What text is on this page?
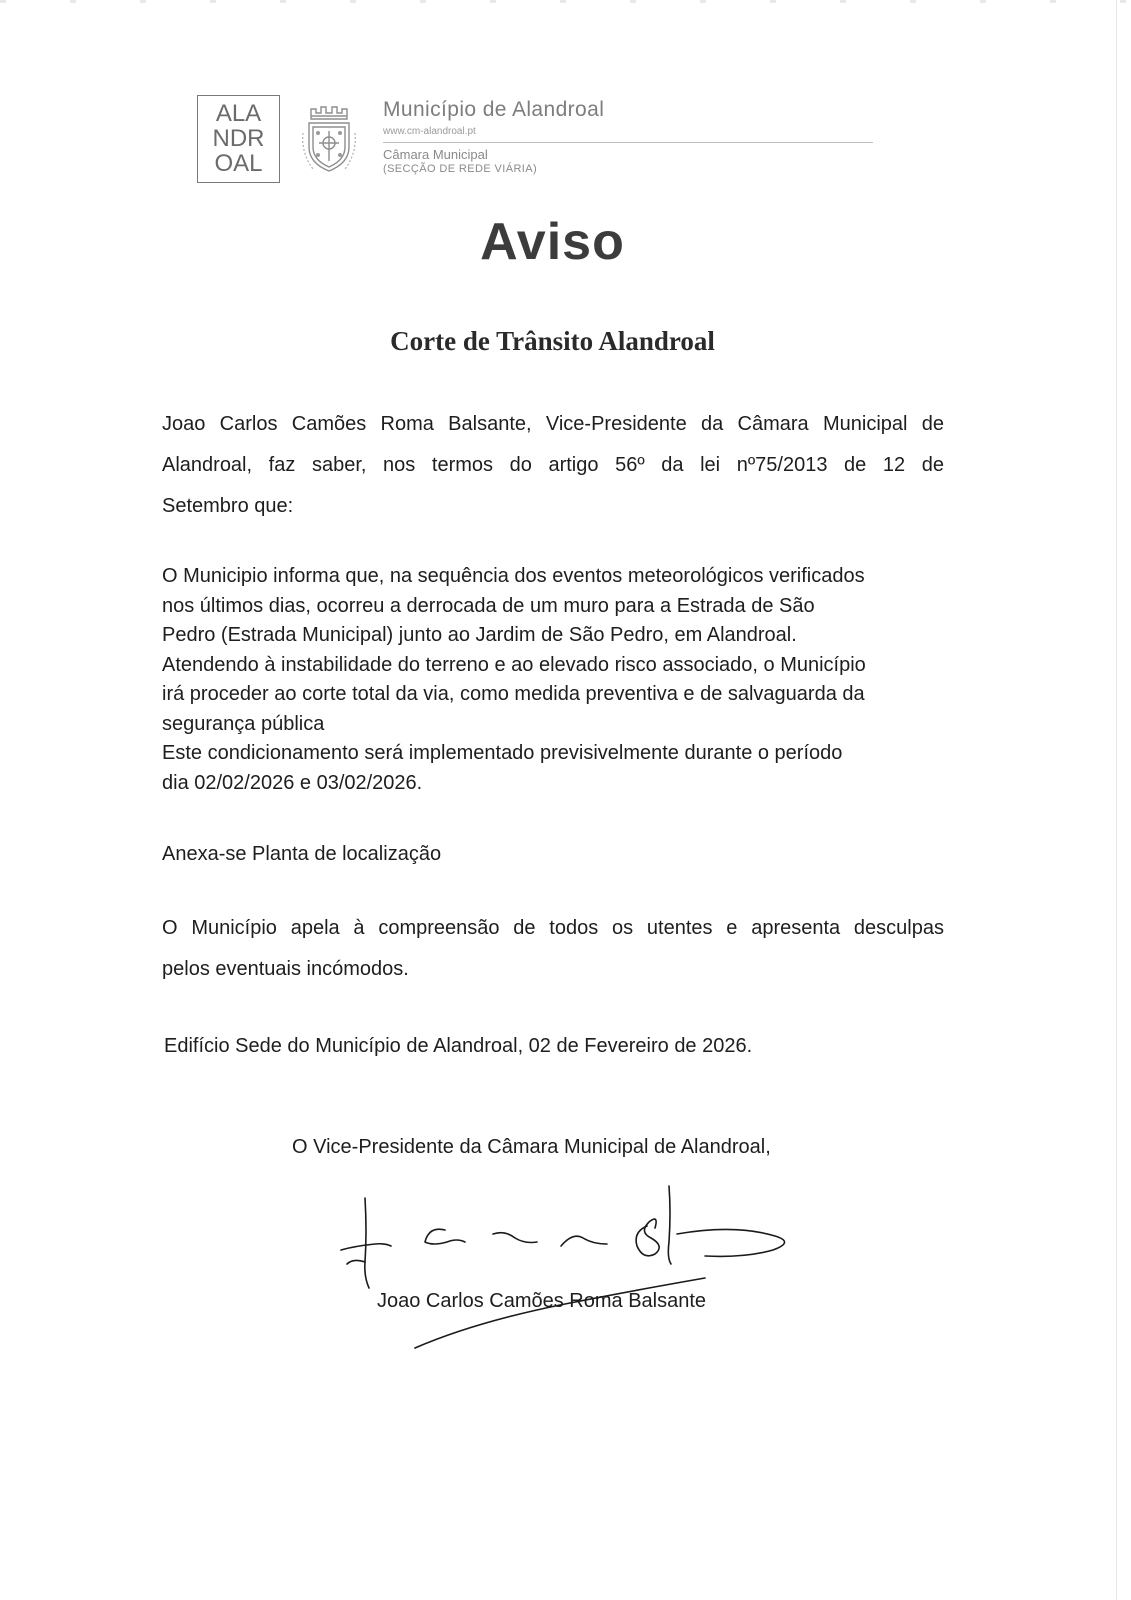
ALA
NDR
OAL
Município de Alandroal
www.cm-alandroal.pt
Câmara Municipal
(SECÇÃO DE REDE VIÁRIA)
Aviso
Corte de Trânsito Alandroal
Joao Carlos Camões Roma Balsante, Vice-Presidente da Câmara Municipal de
Alandroal, faz saber, nos termos do artigo 56º da lei nº75/2013 de 12 de
Setembro que:
O Municipio informa que, na sequência dos eventos meteorológicos verificados
nos últimos dias, ocorreu a derrocada de um muro para a Estrada de São
Pedro (Estrada Municipal) junto ao Jardim de São Pedro, em Alandroal.
Atendendo à instabilidade do terreno e ao elevado risco associado, o Município
irá proceder ao corte total da via, como medida preventiva e de salvaguarda da
segurança pública
Este condicionamento será implementado previsivelmente durante o período
dia 02/02/2026 e 03/02/2026.
Anexa-se Planta de localização
O Município apela à compreensão de todos os utentes e apresenta desculpas
pelos eventuais incómodos.
Edifício Sede do Município de Alandroal, 02 de Fevereiro de 2026.
O Vice-Presidente da Câmara Municipal de Alandroal,
Joao Carlos Camões Roma Balsante
